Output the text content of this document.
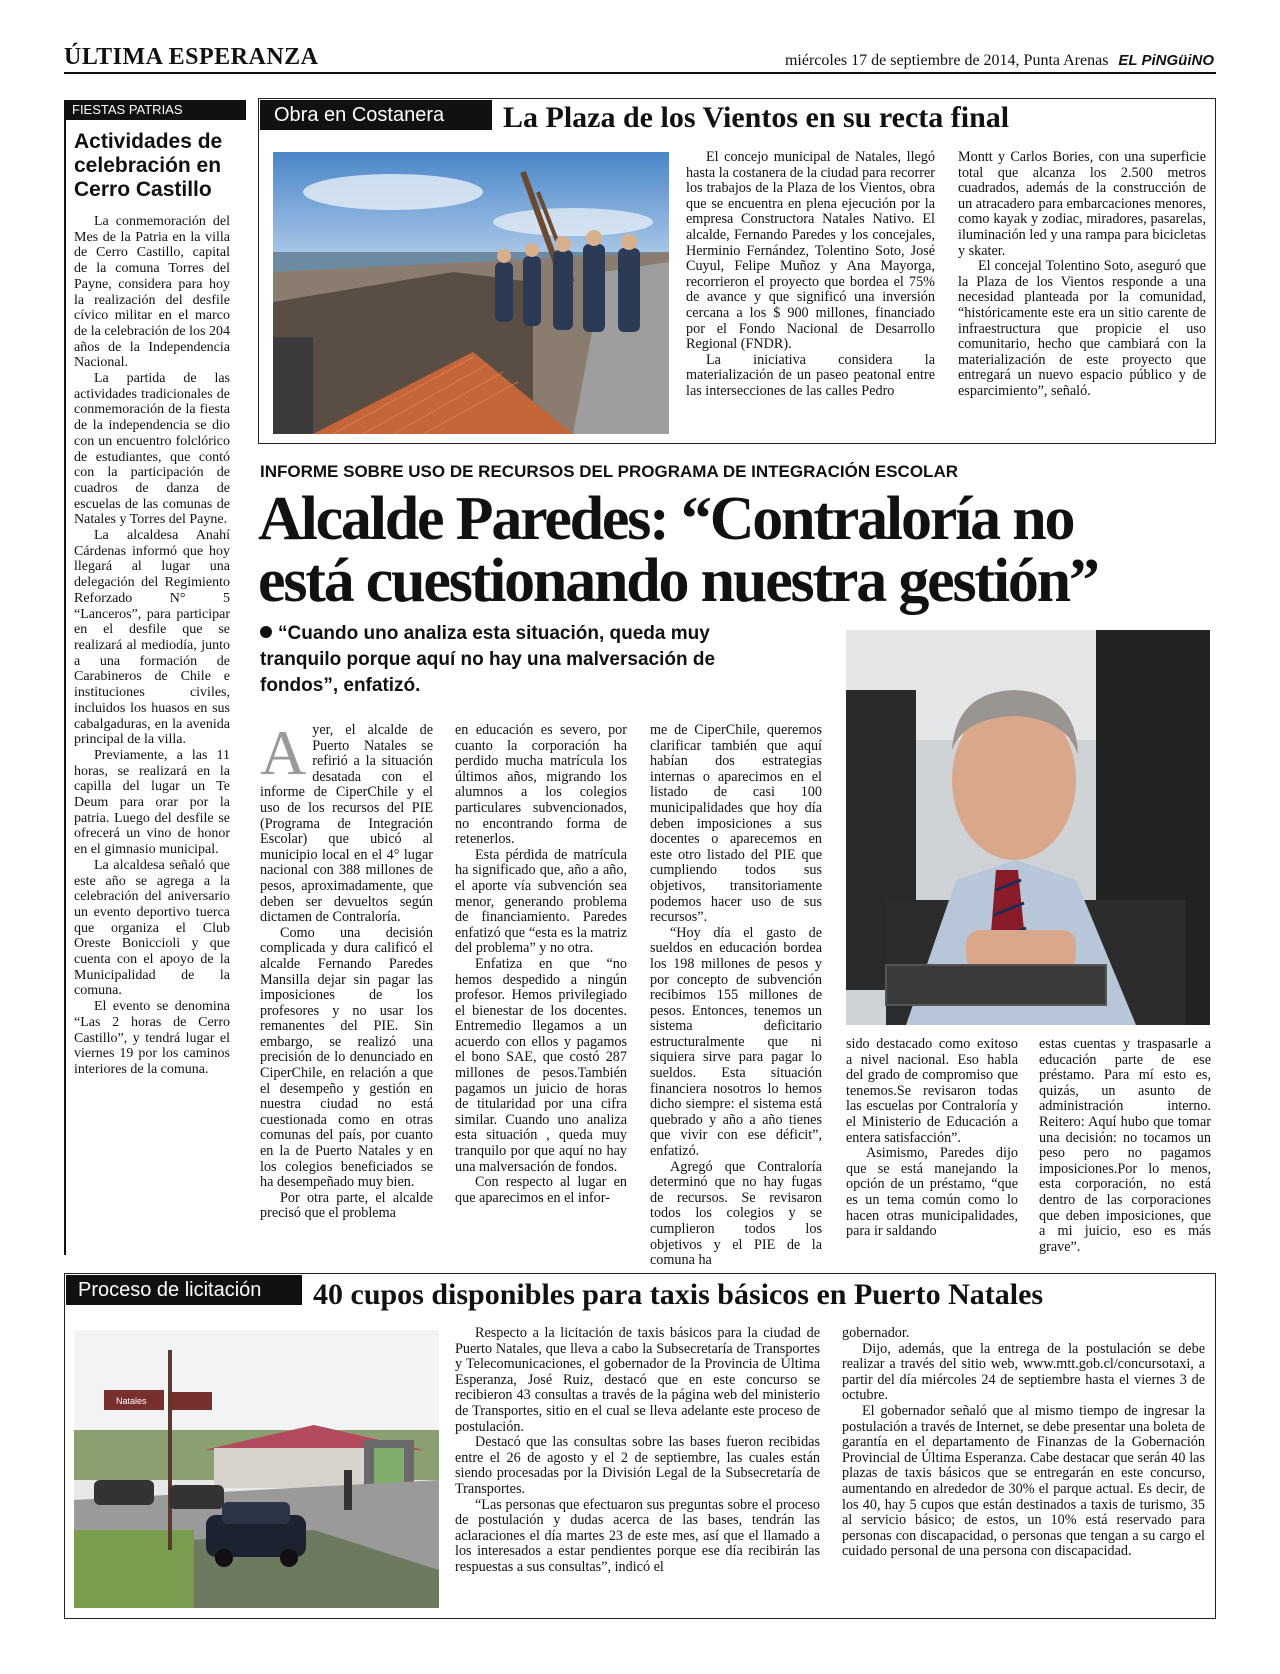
ÚLTIMA ESPERANZA	miércoles 17 de septiembre de 2014, Punta Arenas EL PiNGüiNO
FIESTAS PATRIAS
Actividades de celebración en Cerro Castillo

La conmemoración del Mes de la Patria en la villa de Cerro Castillo, capital de la comuna Torres del Payne, considera para hoy la realización del desfile cívico militar en el marco de la celebración de los 204 años de la Independencia Nacional.

La partida de las actividades tradicionales de conmemoración de la fiesta de la independencia se dio con un encuentro folclórico de estudiantes, que contó con la participación de cuadros de danza de escuelas de las comunas de Natales y Torres del Payne.

La alcaldesa Anahí Cárdenas informó que hoy llegará al lugar una delegación del Regimiento Reforzado N° 5 “Lanceros”, para participar en el desfile que se realizará al mediodía, junto a una formación de Carabineros de Chile e instituciones civiles, incluidos los huasos en sus cabalgaduras, en la avenida principal de la villa.

Previamente, a las 11 horas, se realizará en la capilla del lugar un Te Deum para orar por la patria. Luego del desfile se ofrecerá un vino de honor en el gimnasio municipal.

La alcaldesa señaló que este año se agrega a la celebración del aniversario un evento deportivo tuerca que organiza el Club Oreste Boniccioli y que cuenta con el apoyo de la Municipalidad de la comuna.

El evento se denomina “Las 2 horas de Cerro Castillo”, y tendrá lugar el viernes 19 por los caminos interiores de la comuna.

Obra en Costanera	La Plaza de los Vientos en su recta final

El concejo municipal de Natales, llegó hasta la costanera de la ciudad para recorrer los trabajos de la Plaza de los Vientos, obra que se encuentra en plena ejecución por la empresa Constructora Natales Nativo. El alcalde, Fernando Paredes y los concejales, Herminio Fernández, Tolentino Soto, José Cuyul, Felipe Muñoz y Ana Mayorga, recorrieron el proyecto que bordea el 75% de avance y que significó una inversión cercana a los $ 900 millones, financiado por el Fondo Nacional de Desarrollo Regional (FNDR).

La iniciativa considera la materialización de un paseo peatonal entre las intersecciones de las calles Pedro

Montt y Carlos Bories, con una superficie total que alcanza los 2.500 metros cuadrados, además de la construcción de un atracadero para embarcaciones menores, como kayak y zodiac, miradores, pasarelas, iluminación led y una rampa para bicicletas y skater.

El concejal Tolentino Soto, aseguró que la Plaza de los Vientos responde a una necesidad planteada por la comunidad, “históricamente este era un sitio carente de infraestructura que propicie el uso comunitario, hecho que cambiará con la materialización de este proyecto que entregará un nuevo espacio público y de esparcimiento”, señaló.

INFORME SOBRE USO DE RECURSOS DEL PROGRAMA DE INTEGRACIÓN ESCOLAR
Alcalde Paredes: “Contraloría no
está cuestionando nuestra gestión”
“Cuando uno analiza esta situación, queda muy tranquilo porque aquí no hay una malversación de fondos”, enfatizó.

Ayer, el alcalde de Puerto Natales se refirió a la situación desatada con el informe de CiperChile y el uso de los recursos del PIE (Programa de Integración Escolar) que ubicó al municipio local en el 4° lugar nacional con 388 millones de pesos, aproximadamente, que deben ser devueltos según dictamen de Contraloría.

Como una decisión complicada y dura calificó el alcalde Fernando Paredes Mansilla dejar sin pagar las imposiciones de los profesores y no usar los remanentes del PIE. Sin embargo, se realizó una precisión de lo denunciado en CiperChile, en relación a que el desempeño y gestión en nuestra ciudad no está cuestionada como en otras comunas del país, por cuanto en la de Puerto Natales y en los colegios beneficiados se ha desempeñado muy bien.

Por otra parte, el alcalde precisó que el problema

en educación es severo, por cuanto la corporación ha perdido mucha matrícula los últimos años, migrando los alumnos a los colegios particulares subvencionados, no encontrando forma de retenerlos.

Esta pérdida de matrícula ha significado que, año a año, el aporte vía subvención sea menor, generando problema de financiamiento. Paredes enfatizó que “esta es la matriz del problema” y no otra.

Enfatiza en que “no hemos despedido a ningún profesor. Hemos privilegiado el bienestar de los docentes. Entremedio llegamos a un acuerdo con ellos y pagamos el bono SAE, que costó 287 millones de pesos.También pagamos un juicio de horas de titularidad por una cifra similar. Cuando uno analiza esta situación , queda muy tranquilo por que aquí no hay una malversación de fondos.

Con respecto al lugar en que aparecimos en el infor-

me de CiperChile, queremos clarificar también que aquí habían dos estrategias internas o aparecimos en el listado de casi 100 municipalidades que hoy día deben imposiciones a sus docentes o aparecemos en este otro listado del PIE que cumpliendo todos sus objetivos, transitoriamente podemos hacer uso de sus recursos”.

“Hoy día el gasto de sueldos en educación bordea los 198 millones de pesos y por concepto de subvención recibimos 155 millones de pesos. Entonces, tenemos un sistema deficitario estructuralmente que ni siquiera sirve para pagar lo sueldos. Esta situación financiera nosotros lo hemos dicho siempre: el sistema está quebrado y año a año tienes que vivir con ese déficit”, enfatizó.

Agregó que Contraloría determinó que no hay fugas de recursos. Se revisaron todos los colegios y se cumplieron todos los objetivos y el PIE de la comuna ha

sido destacado como exitoso a nivel nacional. Eso habla del grado de compromiso que tenemos.Se revisaron todas las escuelas por Contraloría y el Ministerio de Educación a entera satisfacción”.

Asimismo, Paredes dijo que se está manejando la opción de un préstamo, “que es un tema común como lo hacen otras municipalidades, para ir saldando

estas cuentas y traspasarle a educación parte de ese préstamo. Para mí esto es, quizás, un asunto de administración interno. Reitero: Aquí hubo que tomar una decisión: no tocamos un peso pero no pagamos imposiciones.Por lo menos, esta corporación, no está dentro de las corporaciones que deben imposiciones, que a mi juicio, eso es más grave”.

Proceso de licitación	40 cupos disponibles para taxis básicos en Puerto Natales
Natales

Respecto a la licitación de taxis básicos para la ciudad de Puerto Natales, que lleva a cabo la Subsecretaría de Transportes y Telecomunicaciones, el gobernador de la Provincia de Última Esperanza, José Ruiz, destacó que en este concurso se recibieron 43 consultas a través de la página web del ministerio de Transportes, sitio en el cual se lleva adelante este proceso de postulación.

Destacó que las consultas sobre las bases fueron recibidas entre el 26 de agosto y el 2 de septiembre, las cuales están siendo procesadas por la División Legal de la Subsecretaría de Transportes.

“Las personas que efectuaron sus preguntas sobre el proceso de postulación y dudas acerca de las bases, tendrán las aclaraciones el día martes 23 de este mes, así que el llamado a los interesados a estar pendientes porque ese día recibirán las respuestas a sus consultas”, indicó el

gobernador.

Dijo, además, que la entrega de la postulación se debe realizar a través del sitio web, www.mtt.gob.cl/concursotaxi, a partir del día miércoles 24 de septiembre hasta el viernes 3 de octubre.

El gobernador señaló que al mismo tiempo de ingresar la postulación a través de Internet, se debe presentar una boleta de garantía en el departamento de Finanzas de la Gobernación Provincial de Última Esperanza. Cabe destacar que serán 40 las plazas de taxis básicos que se entregarán en este concurso, aumentando en alrededor de 30% el parque actual. Es decir, de los 40, hay 5 cupos que están destinados a taxis de turismo, 35 al servicio básico; de estos, un 10% está reservado para personas con discapacidad, o personas que tengan a su cargo el cuidado personal de una persona con discapacidad.
